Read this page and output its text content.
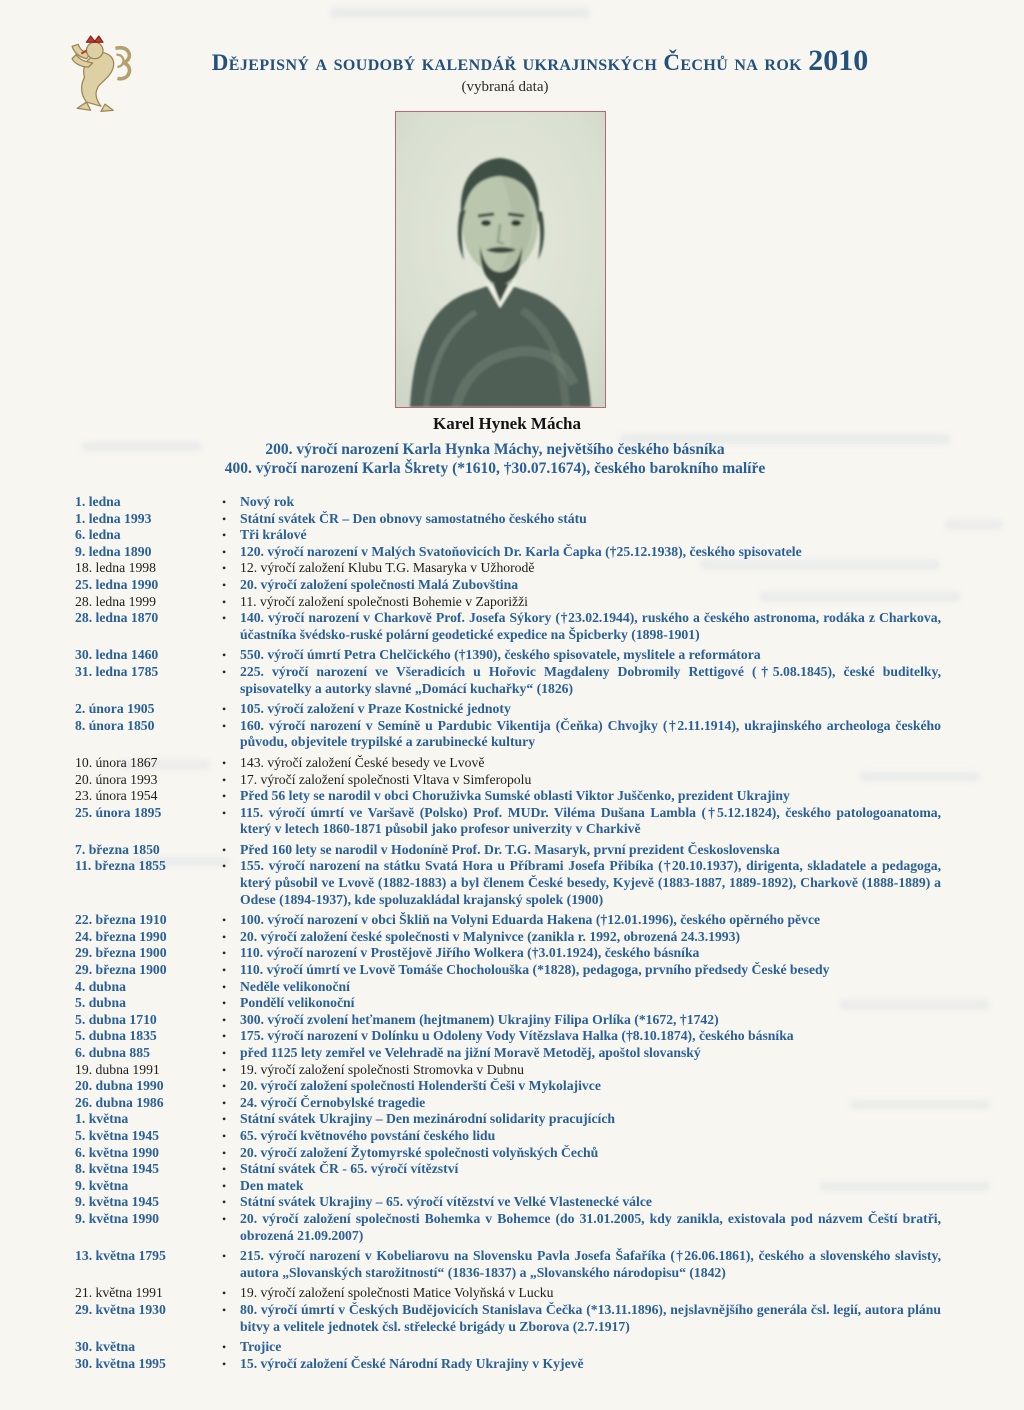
Dějepisný a soudobý kalendář ukrajinských Čechů na rok 2010
(vybraná data)
Karel Hynek Mácha
200. výročí narození Karla Hynka Máchy, největšího českého básníka
400. výročí narození Karla Škrety (*1610, †30.07.1674), českého barokního malíře
1. ledna	•	Nový rok
1. ledna 1993	•	Státní svátek ČR – Den obnovy samostatného českého státu
6. ledna	•	Tři králové
9. ledna 1890	•	120. výročí narození v Malých Svatoňovicích Dr. Karla Čapka (†25.12.1938), českého spisovatele
18. ledna 1998	•	12. výročí založení Klubu T.G. Masaryka v Užhorodě
25. ledna 1990	•	20. výročí založení společnosti Malá Zubovština
28. ledna 1999	•	11. výročí založení společnosti Bohemie v Zaporižži
28. ledna 1870	•	140. výročí narození v Charkově Prof. Josefa Sýkory (†23.02.1944), ruského a českého astronoma, rodáka z Charkova, účastníka švédsko-ruské polární geodetické expedice na Špicberky (1898-1901)
30. ledna 1460	•	550. výročí úmrtí Petra Chelčického (†1390), českého spisovatele, myslitele a reformátora
31. ledna 1785	•	225. výročí narození ve Všeradicích u Hořovic Magdaleny Dobromily Rettigové (†5.08.1845), české buditelky, spisovatelky a autorky slavné „Domácí kuchařky“ (1826)
2. února 1905	•	105. výročí založení v Praze Kostnické jednoty
8. února 1850	•	160. výročí narození v Semíně u Pardubic Vikentija (Čeňka) Chvojky (†2.11.1914), ukrajinského archeologa českého původu, objevitele trypilské a zarubinecké kultury
10. února 1867	•	143. výročí založení České besedy ve Lvově
20. února 1993	•	17. výročí založení společnosti Vltava v Simferopolu
23. února 1954	•	Před 56 lety se narodil v obci Choruživka Sumské oblasti Viktor Juščenko, prezident Ukrajiny
25. února 1895	•	115. výročí úmrtí ve Varšavě (Polsko) Prof. MUDr. Viléma Dušana Lambla (†5.12.1824), českého patologoanatoma, který v letech 1860-1871 působil jako profesor univerzity v Charkivě
7. března 1850	•	Před 160 lety se narodil v Hodoníně Prof. Dr. T.G. Masaryk, první prezident Československa
11. března 1855	•	155. výročí narození na státku Svatá Hora u Příbrami Josefa Přibíka (†20.10.1937), dirigenta, skladatele a pedagoga, který působil ve Lvově (1882-1883) a byl členem České besedy, Kyjevě (1883-1887, 1889-1892), Charkově (1888-1889) a Odese (1894-1937), kde spoluzakládal krajanský spolek (1900)
22. března 1910	•	100. výročí narození v obci Škliň na Volyni Eduarda Hakena (†12.01.1996), českého opěrného pěvce
24. března 1990	•	20. výročí založení české společnosti v Malynivce (zanikla r. 1992, obrozená 24.3.1993)
29. března 1900	•	110. výročí narození v Prostějově Jiřího Wolkera (†3.01.1924), českého básníka
29. března 1900	•	110. výročí úmrtí ve Lvově Tomáše Chocholouška (*1828), pedagoga, prvního předsedy České besedy
4. dubna	•	Neděle velikonoční
5. dubna	•	Pondělí velikonoční
5. dubna 1710	•	300. výročí zvolení heťmanem (hejtmanem) Ukrajiny Filipa Orlíka (*1672, †1742)
5. dubna 1835	•	175. výročí narození v Dolínku u Odoleny Vody Vítězslava Halka (†8.10.1874), českého básníka
6. dubna 885	•	před 1125 lety zemřel ve Velehradě na jižní Moravě Metoděj, apoštol slovanský
19. dubna 1991	•	19. výročí založení společnosti Stromovka v Dubnu
20. dubna 1990	•	20. výročí založení společnosti Holenderští Češi v Mykolajivce
26. dubna 1986	•	24. výročí Černobylské tragedie
1. května	•	Státní svátek Ukrajiny – Den mezinárodní solidarity pracujících
5. května 1945	•	65. výročí květnového povstání českého lidu
6. května 1990	•	20. výročí založení Žytomyrské společnosti volyňských Čechů
8. května 1945	•	Státní svátek ČR - 65. výročí vítězství
9. května	•	Den matek
9. května 1945	•	Státní svátek Ukrajiny – 65. výročí vítězství ve Velké Vlastenecké válce
9. května 1990	•	20. výročí založení společnosti Bohemka v Bohemce (do 31.01.2005, kdy zanikla, existovala pod názvem Čeští bratři, obrozená 21.09.2007)
13. května 1795	•	215. výročí narození v Kobeliarovu na Slovensku Pavla Josefa Šafaříka (†26.06.1861), českého a slovenského slavisty, autora „Slovanských starožitností“ (1836-1837) a „Slovanského národopisu“ (1842)
21. května 1991	•	19. výročí založení společnosti Matice Volyňská v Lucku
29. května 1930	•	80. výročí úmrtí v Českých Budějovicích Stanislava Čečka (*13.11.1896), nejslavnějšího generála čsl. legií, autora plánu bitvy a velitele jednotek čsl. střelecké brigády u Zborova (2.7.1917)
30. května	•	Trojice
30. května 1995	•	15. výročí založení České Národní Rady Ukrajiny v Kyjevě
